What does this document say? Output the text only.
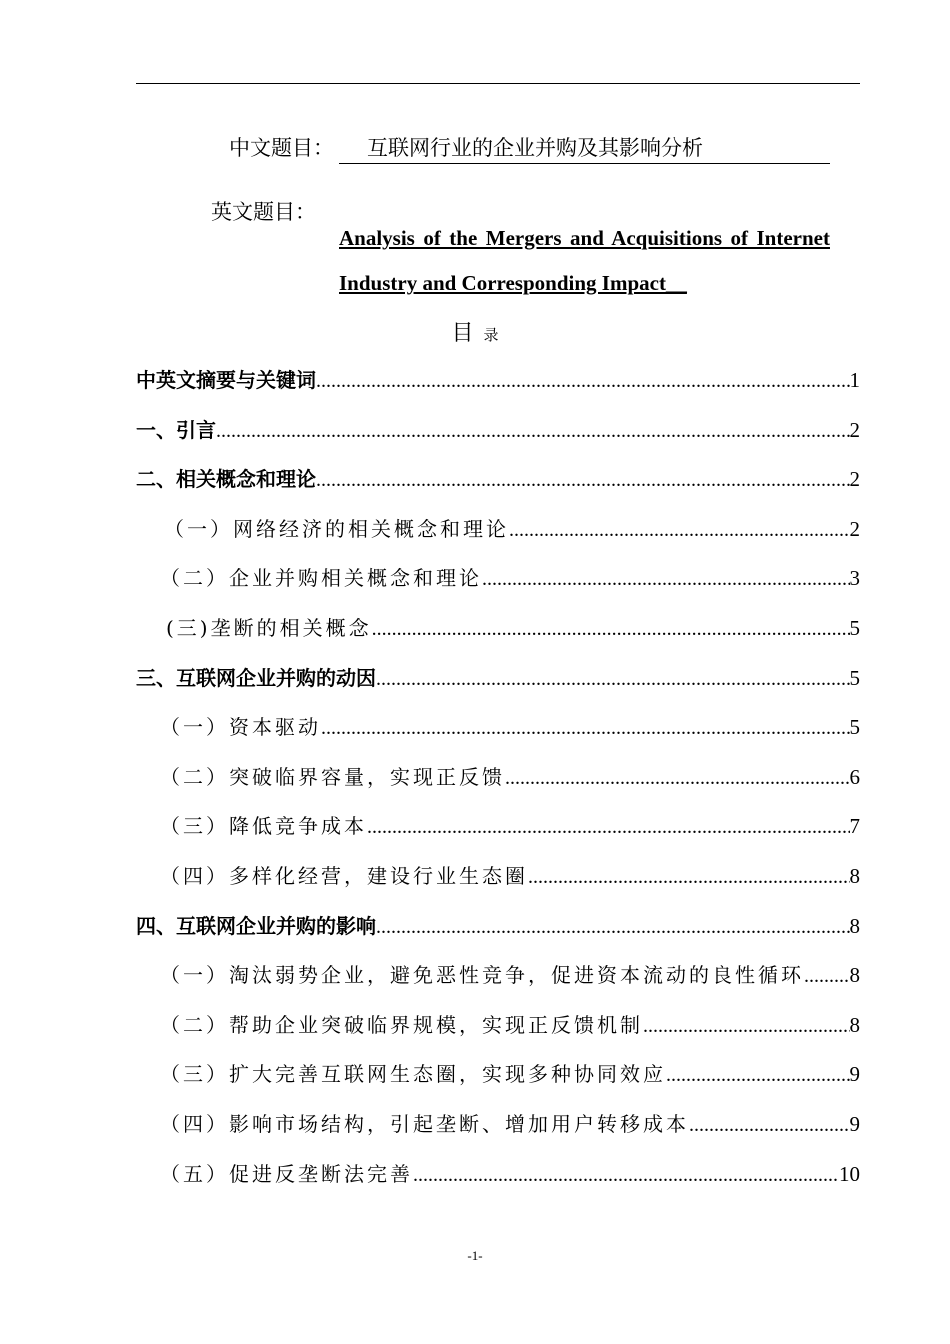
中文题目：	互联网行业的企业并购及其影响分析
英文题目：
Analysis of the Mergers and Acquisitions of Internet Industry and Corresponding Impact__
目 录
中英文摘要与关键词 .....	1
一、引言 .....	2
二、相关概念和理论 .....	2
（一）网络经济的相关概念和理论 .....	2
（二）企业并购相关概念和理论 .....	3
(三)垄断的相关概念 .....	5
三、互联网企业并购的动因 .....	5
（一）资本驱动 .....	5
（二）突破临界容量，实现正反馈 .....	6
（三）降低竞争成本 .....	7
（四）多样化经营，建设行业生态圈 .....	8
四、互联网企业并购的影响 .....	8
（一）淘汰弱势企业，避免恶性竞争，促进资本流动的良性循环 ..... 8
（二）帮助企业突破临界规模，实现正反馈机制 .....	8
（三）扩大完善互联网生态圈，实现多种协同效应 .....	9
（四）影响市场结构，引起垄断、增加用户转移成本 .....	9
（五）促进反垄断法完善 .....	10
-1-
